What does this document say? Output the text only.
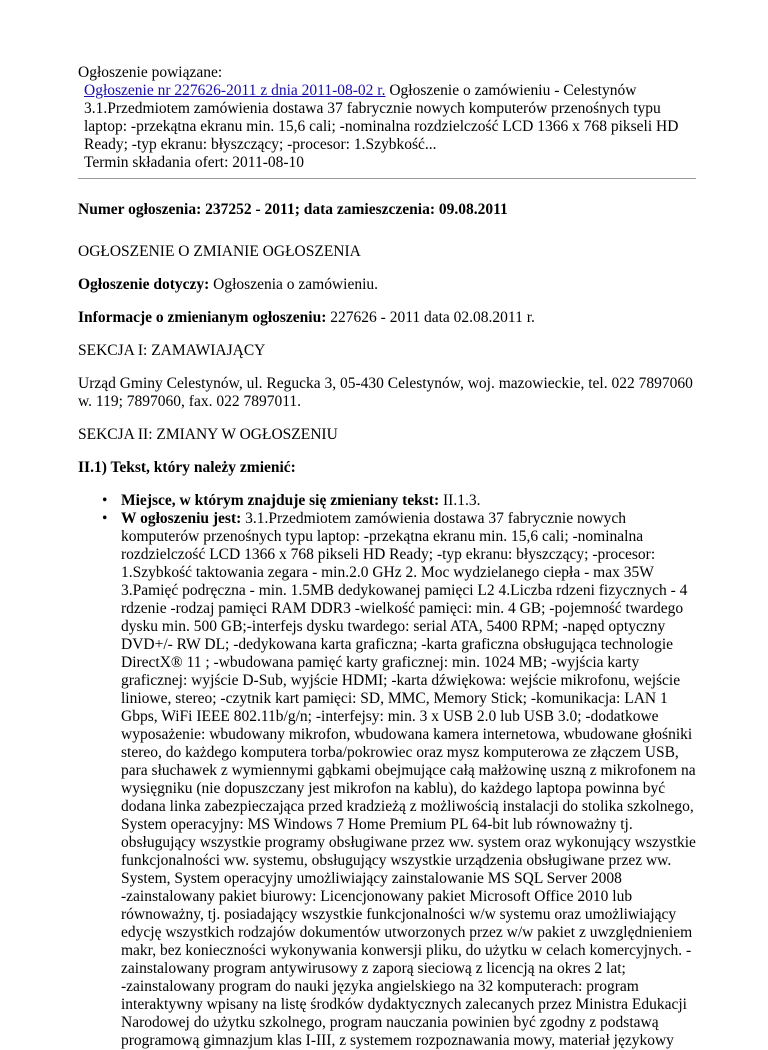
Ogłoszenie powiązane:
Ogłoszenie nr 227626-2011 z dnia 2011-08-02 r. Ogłoszenie o zamówieniu - Celestynów
3.1.Przedmiotem zamówienia dostawa 37 fabrycznie nowych komputerów przenośnych typu
laptop: -przekątna ekranu min. 15,6 cali; -nominalna rozdzielczość LCD 1366 x 768 pikseli HD
Ready; -typ ekranu: błyszczący; -procesor: 1.Szybkość...
Termin składania ofert: 2011-08-10

Numer ogłoszenia: 237252 - 2011; data zamieszczenia: 09.08.2011

OGŁOSZENIE O ZMIANIE OGŁOSZENIA

Ogłoszenie dotyczy: Ogłoszenia o zamówieniu.

Informacje o zmienianym ogłoszeniu: 227626 - 2011 data 02.08.2011 r.

SEKCJA I: ZAMAWIAJĄCY

Urząd Gminy Celestynów, ul. Regucka 3, 05-430 Celestynów, woj. mazowieckie, tel. 022 7897060
w. 119; 7897060, fax. 022 7897011.

SEKCJA II: ZMIANY W OGŁOSZENIU

II.1) Tekst, który należy zmienić:

• Miejsce, w którym znajduje się zmieniany tekst: II.1.3.
• W ogłoszeniu jest: 3.1.Przedmiotem zamówienia dostawa 37 fabrycznie nowych
komputerów przenośnych typu laptop: -przekątna ekranu min. 15,6 cali; -nominalna
rozdzielczość LCD 1366 x 768 pikseli HD Ready; -typ ekranu: błyszczący; -procesor:
1.Szybkość taktowania zegara - min.2.0 GHz 2. Moc wydzielanego ciepła - max 35W
3.Pamięć podręczna - min. 1.5MB dedykowanej pamięci L2 4.Liczba rdzeni fizycznych - 4
rdzenie -rodzaj pamięci RAM DDR3 -wielkość pamięci: min. 4 GB; -pojemność twardego
dysku min. 500 GB;-interfejs dysku twardego: serial ATA, 5400 RPM; -napęd optyczny
DVD+/- RW DL; -dedykowana karta graficzna; -karta graficzna obsługująca technologie
DirectX® 11 ; -wbudowana pamięć karty graficznej: min. 1024 MB; -wyjścia karty
graficznej: wyjście D-Sub, wyjście HDMI; -karta dźwiękowa: wejście mikrofonu, wejście
liniowe, stereo; -czytnik kart pamięci: SD, MMC, Memory Stick; -komunikacja: LAN 1
Gbps, WiFi IEEE 802.11b/g/n; -interfejsy: min. 3 x USB 2.0 lub USB 3.0; -dodatkowe
wyposażenie: wbudowany mikrofon, wbudowana kamera internetowa, wbudowane głośniki
stereo, do każdego komputera torba/pokrowiec oraz mysz komputerowa ze złączem USB,
para słuchawek z wymiennymi gąbkami obejmujące całą małżowinę uszną z mikrofonem na
wysięgniku (nie dopuszczany jest mikrofon na kablu), do każdego laptopa powinna być
dodana linka zabezpieczająca przed kradzieżą z możliwością instalacji do stolika szkolnego,
System operacyjny: MS Windows 7 Home Premium PL 64-bit lub równoważny tj.
obsługujący wszystkie programy obsługiwane przez ww. system oraz wykonujący wszystkie
funkcjonalności ww. systemu, obsługujący wszystkie urządzenia obsługiwane przez ww.
System, System operacyjny umożliwiający zainstalowanie MS SQL Server 2008
-zainstalowany pakiet biurowy: Licencjonowany pakiet Microsoft Office 2010 lub
równoważny, tj. posiadający wszystkie funkcjonalności w/w systemu oraz umożliwiający
edycję wszystkich rodzajów dokumentów utworzonych przez w/w pakiet z uwzględnieniem
makr, bez konieczności wykonywania konwersji pliku, do użytku w celach komercyjnych. -
zainstalowany program antywirusowy z zaporą sieciową z licencją na okres 2 lat;
-zainstalowany program do nauki języka angielskiego na 32 komputerach: program
interaktywny wpisany na listę środków dydaktycznych zalecanych przez Ministra Edukacji
Narodowej do użytku szkolnego, program nauczania powinien być zgodny z podstawą
programową gimnazjum klas I-III, z systemem rozpoznawania mowy, materiał językowy
